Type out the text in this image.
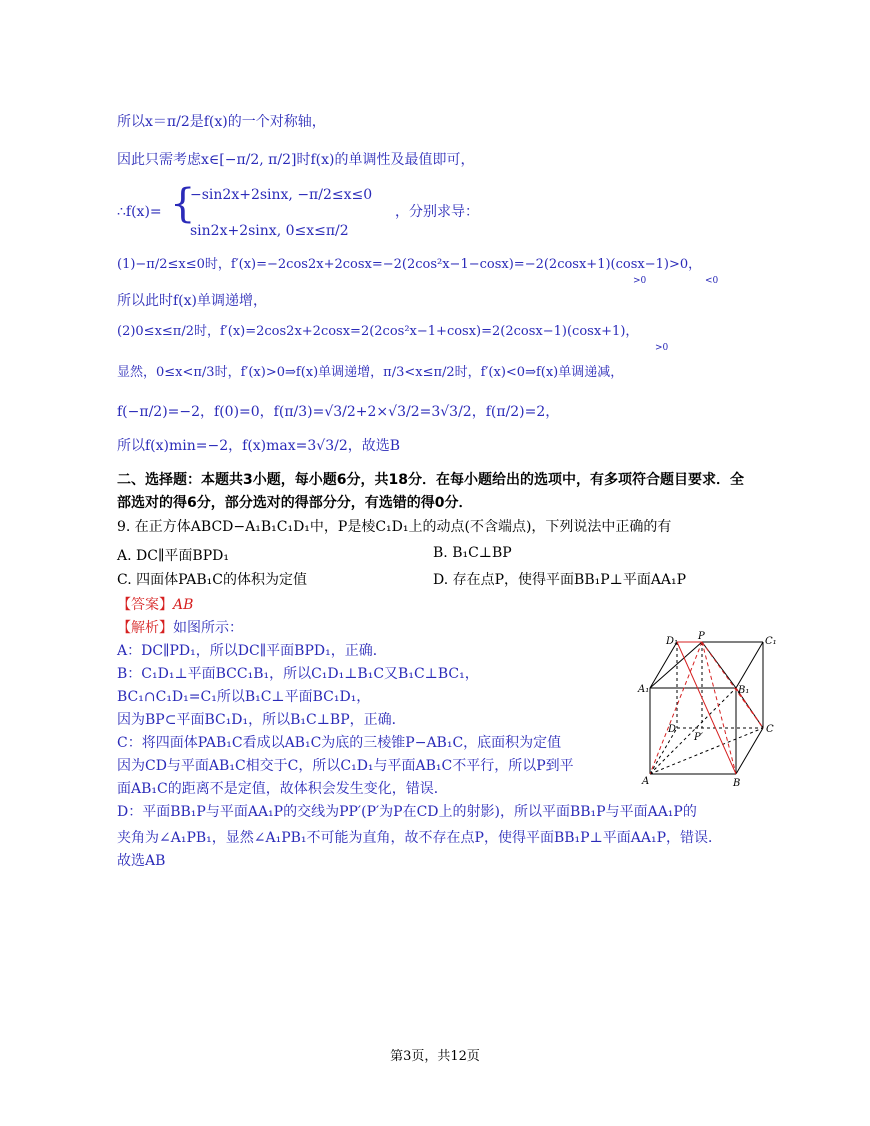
所以x＝π/2是f(x)的一个对称轴，
因此只需考虑x∈[−π/2, π/2]时f(x)的单调性及最值即可，
∴f(x)= {
−sin2x+2sinx, −π/2≤x≤0
sin2x+2sinx, 0≤x≤π/2
，分别求导：
(1)−π/2≤x≤0时，f′(x)=−2cos2x+2cosx=−2(2cos²x−1−cosx)=−2(2cosx+1)(cosx−1)>0，
>0	<0
所以此时f(x)单调递增，
(2)0≤x≤π/2时，f′(x)=2cos2x+2cosx=2(2cos²x−1+cosx)=2(2cosx−1)(cosx+1)，
>0
显然，0≤x<π/3时，f′(x)>0⇒f(x)单调递增，π/3<x≤π/2时，f′(x)<0⇒f(x)单调递减，
f(−π/2)=−2，f(0)=0，f(π/3)=√3/2+2×√3/2=3√3/2，f(π/2)=2，
所以f(x)min=−2，f(x)max=3√3/2，故选B
二、选择题：本题共3小题，每小题6分，共18分．在每小题给出的选项中，有多项符合题目要求．全
部选对的得6分，部分选对的得部分分，有选错的得0分．
9. 在正方体ABCD−A₁B₁C₁D₁中，P是棱C₁D₁上的动点(不含端点)，下列说法中正确的有
A. DC∥平面BPD₁	B. B₁C⊥BP
C. 四面体PAB₁C的体积为定值	D. 存在点P，使得平面BB₁P⊥平面AA₁P
【答案】AB
【解析】如图所示：
A：DC∥PD₁，所以DC∥平面BPD₁，正确．
B：C₁D₁⊥平面BCC₁B₁，所以C₁D₁⊥B₁C又B₁C⊥BC₁，
BC₁∩C₁D₁=C₁所以B₁C⊥平面BC₁D₁，
因为BP⊂平面BC₁D₁，所以B₁C⊥BP，正确．
C：将四面体PAB₁C看成以AB₁C为底的三棱锥P−AB₁C，底面积为定值
因为CD与平面AB₁C相交于C，所以C₁D₁与平面AB₁C不平行，所以P到平
面AB₁C的距离不是定值，故体积会发生变化，错误．
D：平面BB₁P与平面AA₁P的交线为PP′(P′为P在CD上的射影)，所以平面BB₁P与平面AA₁P的
夹角为∠A₁PB₁，显然∠A₁PB₁不可能为直角，故不存在点P，使得平面BB₁P⊥平面AA₁P，错误．
故选AB
D₁ P	C₁
A₁	B₁
D
P′
C
A	B
第3页，共12页
